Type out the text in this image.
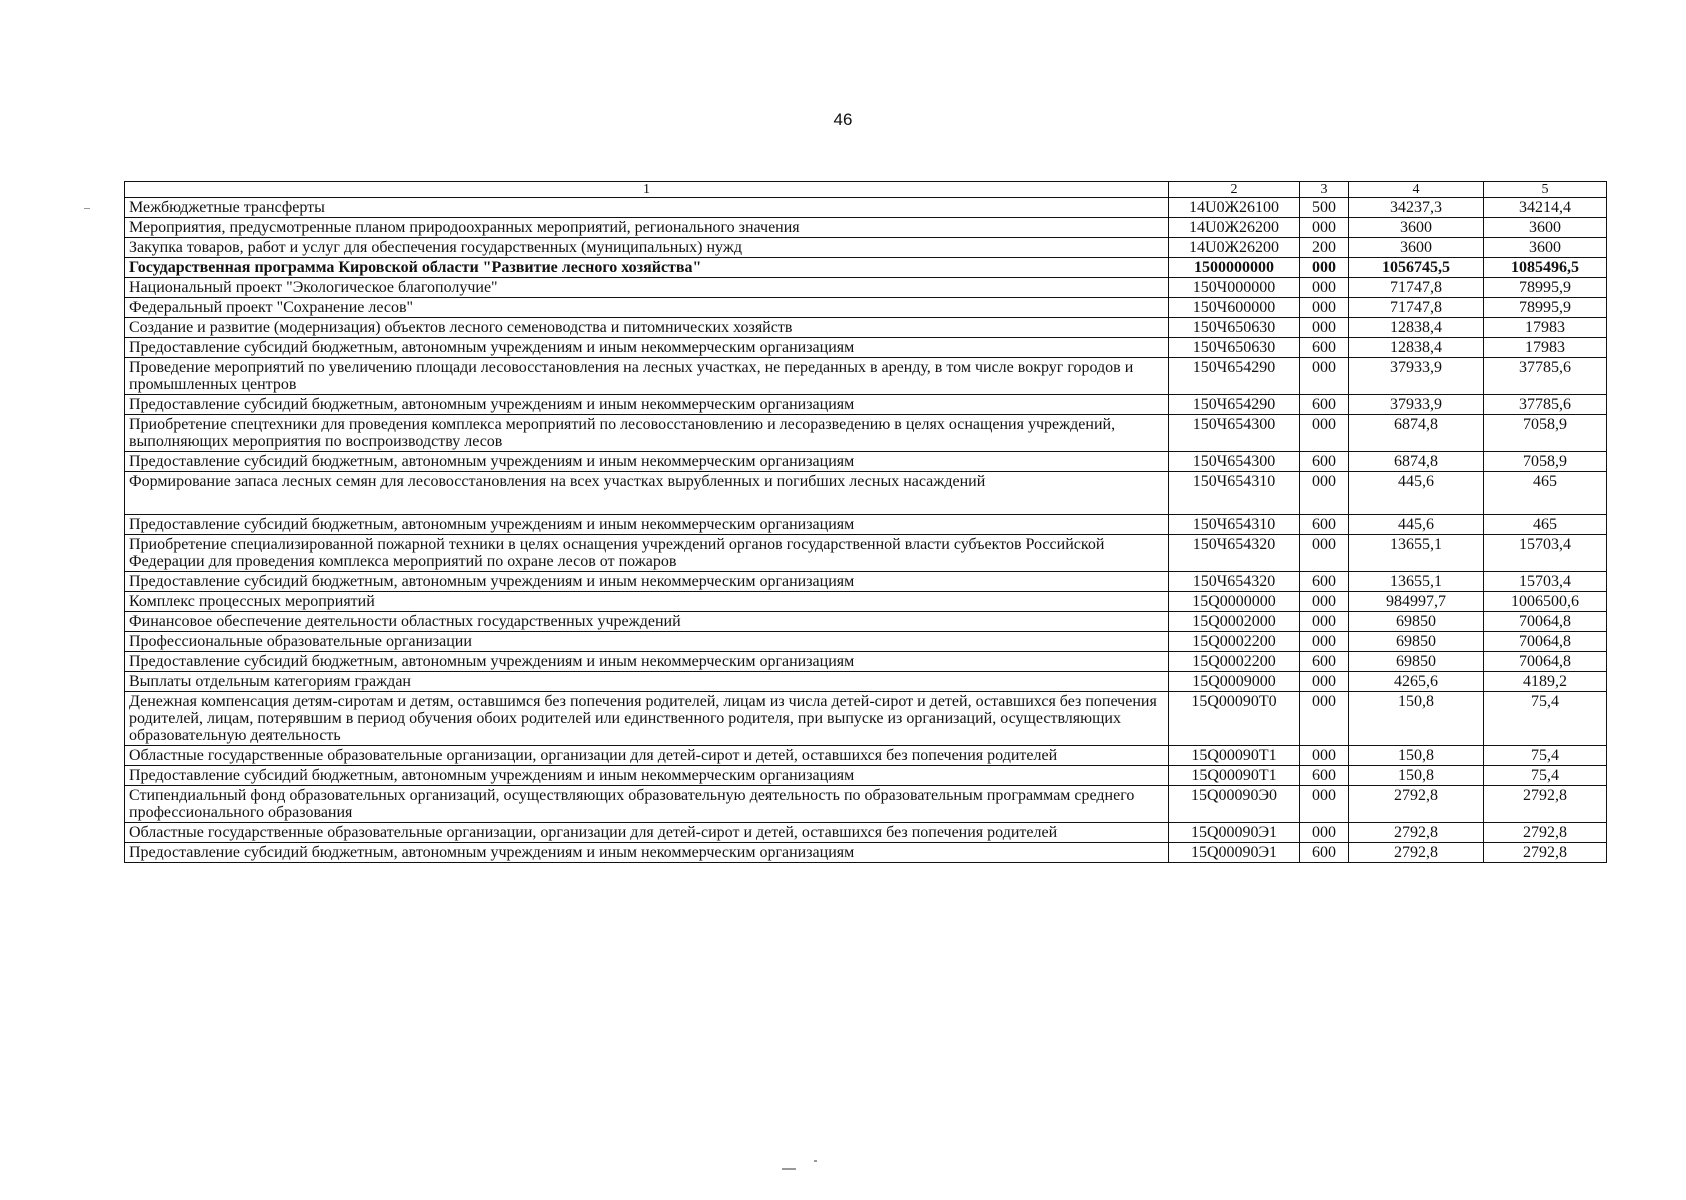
46
1	2	3	4	5
Межбюджетные трансферты	14U0Ж26100	500	34237,3	34214,4
Мероприятия, предусмотренные планом природоохранных мероприятий, регионального значения	14U0Ж26200	000	3600	3600
Закупка товаров, работ и услуг для обеспечения государственных (муниципальных) нужд	14U0Ж26200	200	3600	3600
Государственная программа Кировской области "Развитие лесного хозяйства"	1500000000	000	1056745,5	1085496,5
Национальный проект "Экологическое благополучие"	150Ч000000	000	71747,8	78995,9
Федеральный проект "Сохранение лесов"	150Ч600000	000	71747,8	78995,9
Создание и развитие (модернизация) объектов лесного семеноводства и питомнических хозяйств	150Ч650630	000	12838,4	17983
Предоставление субсидий бюджетным, автономным учреждениям и иным некоммерческим организациям	150Ч650630	600	12838,4	17983
Проведение мероприятий по увеличению площади лесовосстановления на лесных участках, не переданных в аренду, в том числе вокруг городов и промышленных центров	150Ч654290	000	37933,9	37785,6
Предоставление субсидий бюджетным, автономным учреждениям и иным некоммерческим организациям	150Ч654290	600	37933,9	37785,6
Приобретение спецтехники для проведения комплекса мероприятий по лесовосстановлению и лесоразведению в целях оснащения учреждений, выполняющих мероприятия по воспроизводству лесов	150Ч654300	000	6874,8	7058,9
Предоставление субсидий бюджетным, автономным учреждениям и иным некоммерческим организациям	150Ч654300	600	6874,8	7058,9
Формирование запаса лесных семян для лесовосстановления на всех участках вырубленных и погибших лесных насаждений	150Ч654310	000	445,6	465
Предоставление субсидий бюджетным, автономным учреждениям и иным некоммерческим организациям	150Ч654310	600	445,6	465
Приобретение специализированной пожарной техники в целях оснащения учреждений органов государственной власти субъектов Российской Федерации для проведения комплекса мероприятий по охране лесов от пожаров	150Ч654320	000	13655,1	15703,4
Предоставление субсидий бюджетным, автономным учреждениям и иным некоммерческим организациям	150Ч654320	600	13655,1	15703,4
Комплекс процессных мероприятий	15Q0000000	000	984997,7	1006500,6
Финансовое обеспечение деятельности областных государственных учреждений	15Q0002000	000	69850	70064,8
Профессиональные образовательные организации	15Q0002200	000	69850	70064,8
Предоставление субсидий бюджетным, автономным учреждениям и иным некоммерческим организациям	15Q0002200	600	69850	70064,8
Выплаты отдельным категориям граждан	15Q0009000	000	4265,6	4189,2
Денежная компенсация детям-сиротам и детям, оставшимся без попечения родителей, лицам из числа детей-сирот и детей, оставшихся без попечения родителей, лицам, потерявшим в период обучения обоих родителей или единственного родителя, при выпуске из организаций, осуществляющих образовательную деятельность	15Q00090Т0	000	150,8	75,4
Областные государственные образовательные организации, организации для детей-сирот и детей, оставшихся без попечения родителей	15Q00090Т1	000	150,8	75,4
Предоставление субсидий бюджетным, автономным учреждениям и иным некоммерческим организациям	15Q00090Т1	600	150,8	75,4
Стипендиальный фонд образовательных организаций, осуществляющих образовательную деятельность по образовательным программам среднего профессионального образования	15Q00090Э0	000	2792,8	2792,8
Областные государственные образовательные организации, организации для детей-сирот и детей, оставшихся без попечения родителей	15Q00090Э1	000	2792,8	2792,8
Предоставление субсидий бюджетным, автономным учреждениям и иным некоммерческим организациям	15Q00090Э1	600	2792,8	2792,8
